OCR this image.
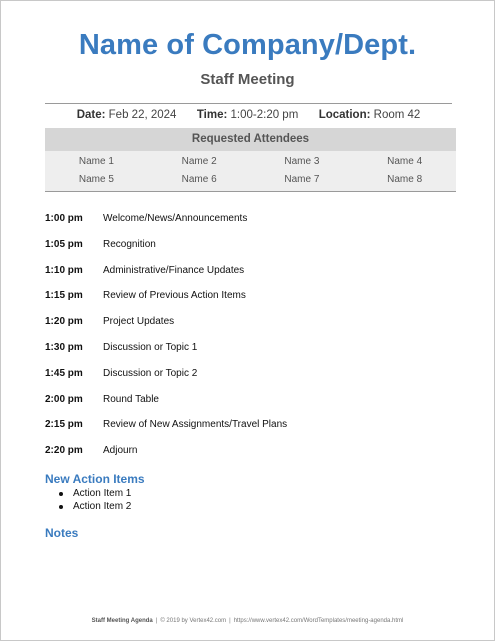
Name of Company/Dept.
Staff Meeting
Date: Feb 22, 2024 Time: 1:00-2:20 pm Location: Room 42
Requested Attendees
Name 1	Name 2	Name 3	Name 4
Name 5	Name 6	Name 7	Name 8
1:00 pm	Welcome/News/Announcements
1:05 pm	Recognition
1:10 pm	Administrative/Finance Updates
1:15 pm	Review of Previous Action Items
1:20 pm	Project Updates
1:30 pm	Discussion or Topic 1
1:45 pm	Discussion or Topic 2
2:00 pm	Round Table
2:15 pm	Review of New Assignments/Travel Plans
2:20 pm	Adjourn
New Action Items
Action Item 1
Action Item 2
Notes
Staff Meeting Agenda | © 2019 by Vertex42.com | https://www.vertex42.com/WordTemplates/meeting-agenda.html
